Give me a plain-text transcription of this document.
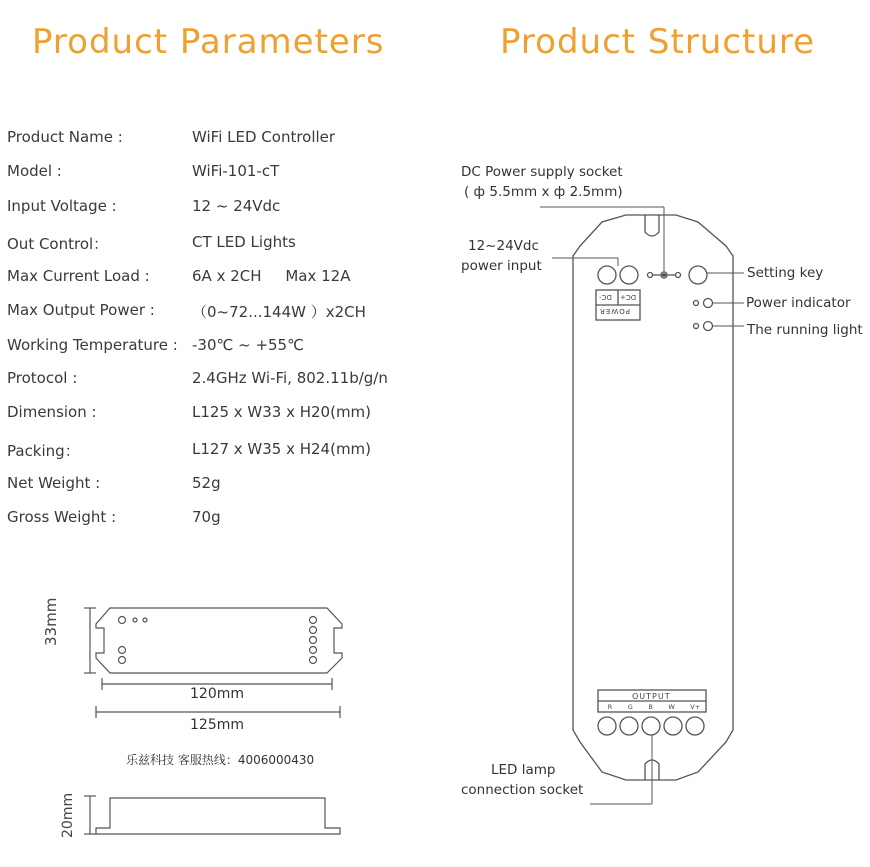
Product Parameters	Product Structure
Product Name :	WiFi LED Controller
Model :	WiFi-101-cT
Input Voltage :	12 ~ 24Vdc
Out Control：	CT LED Lights
Max Current Load :	6A x 2CH     Max 12A
Max Output Power : （0~72...144W ）x2CH
Working Temperature : -30℃ ~ +55℃
Protocol :	2.4GHz Wi-Fi, 802.11b/g/n
Dimension :	L125 x W33 x H20(mm)
Packing：	L127 x W35 x H24(mm)
Net Weight :	52g
Gross Weight :	70g
33mm
120mm
125mm
乐兹科技 客服热线：4006000430
20mm
POWER
DC- DC+
OUTPUT
R G B W V+
DC Power supply socket
( ф 5.5mm x ф 2.5mm)
12~24Vdc
power input	Setting key
Power indicator
The running light
LED lamp
connection socket
